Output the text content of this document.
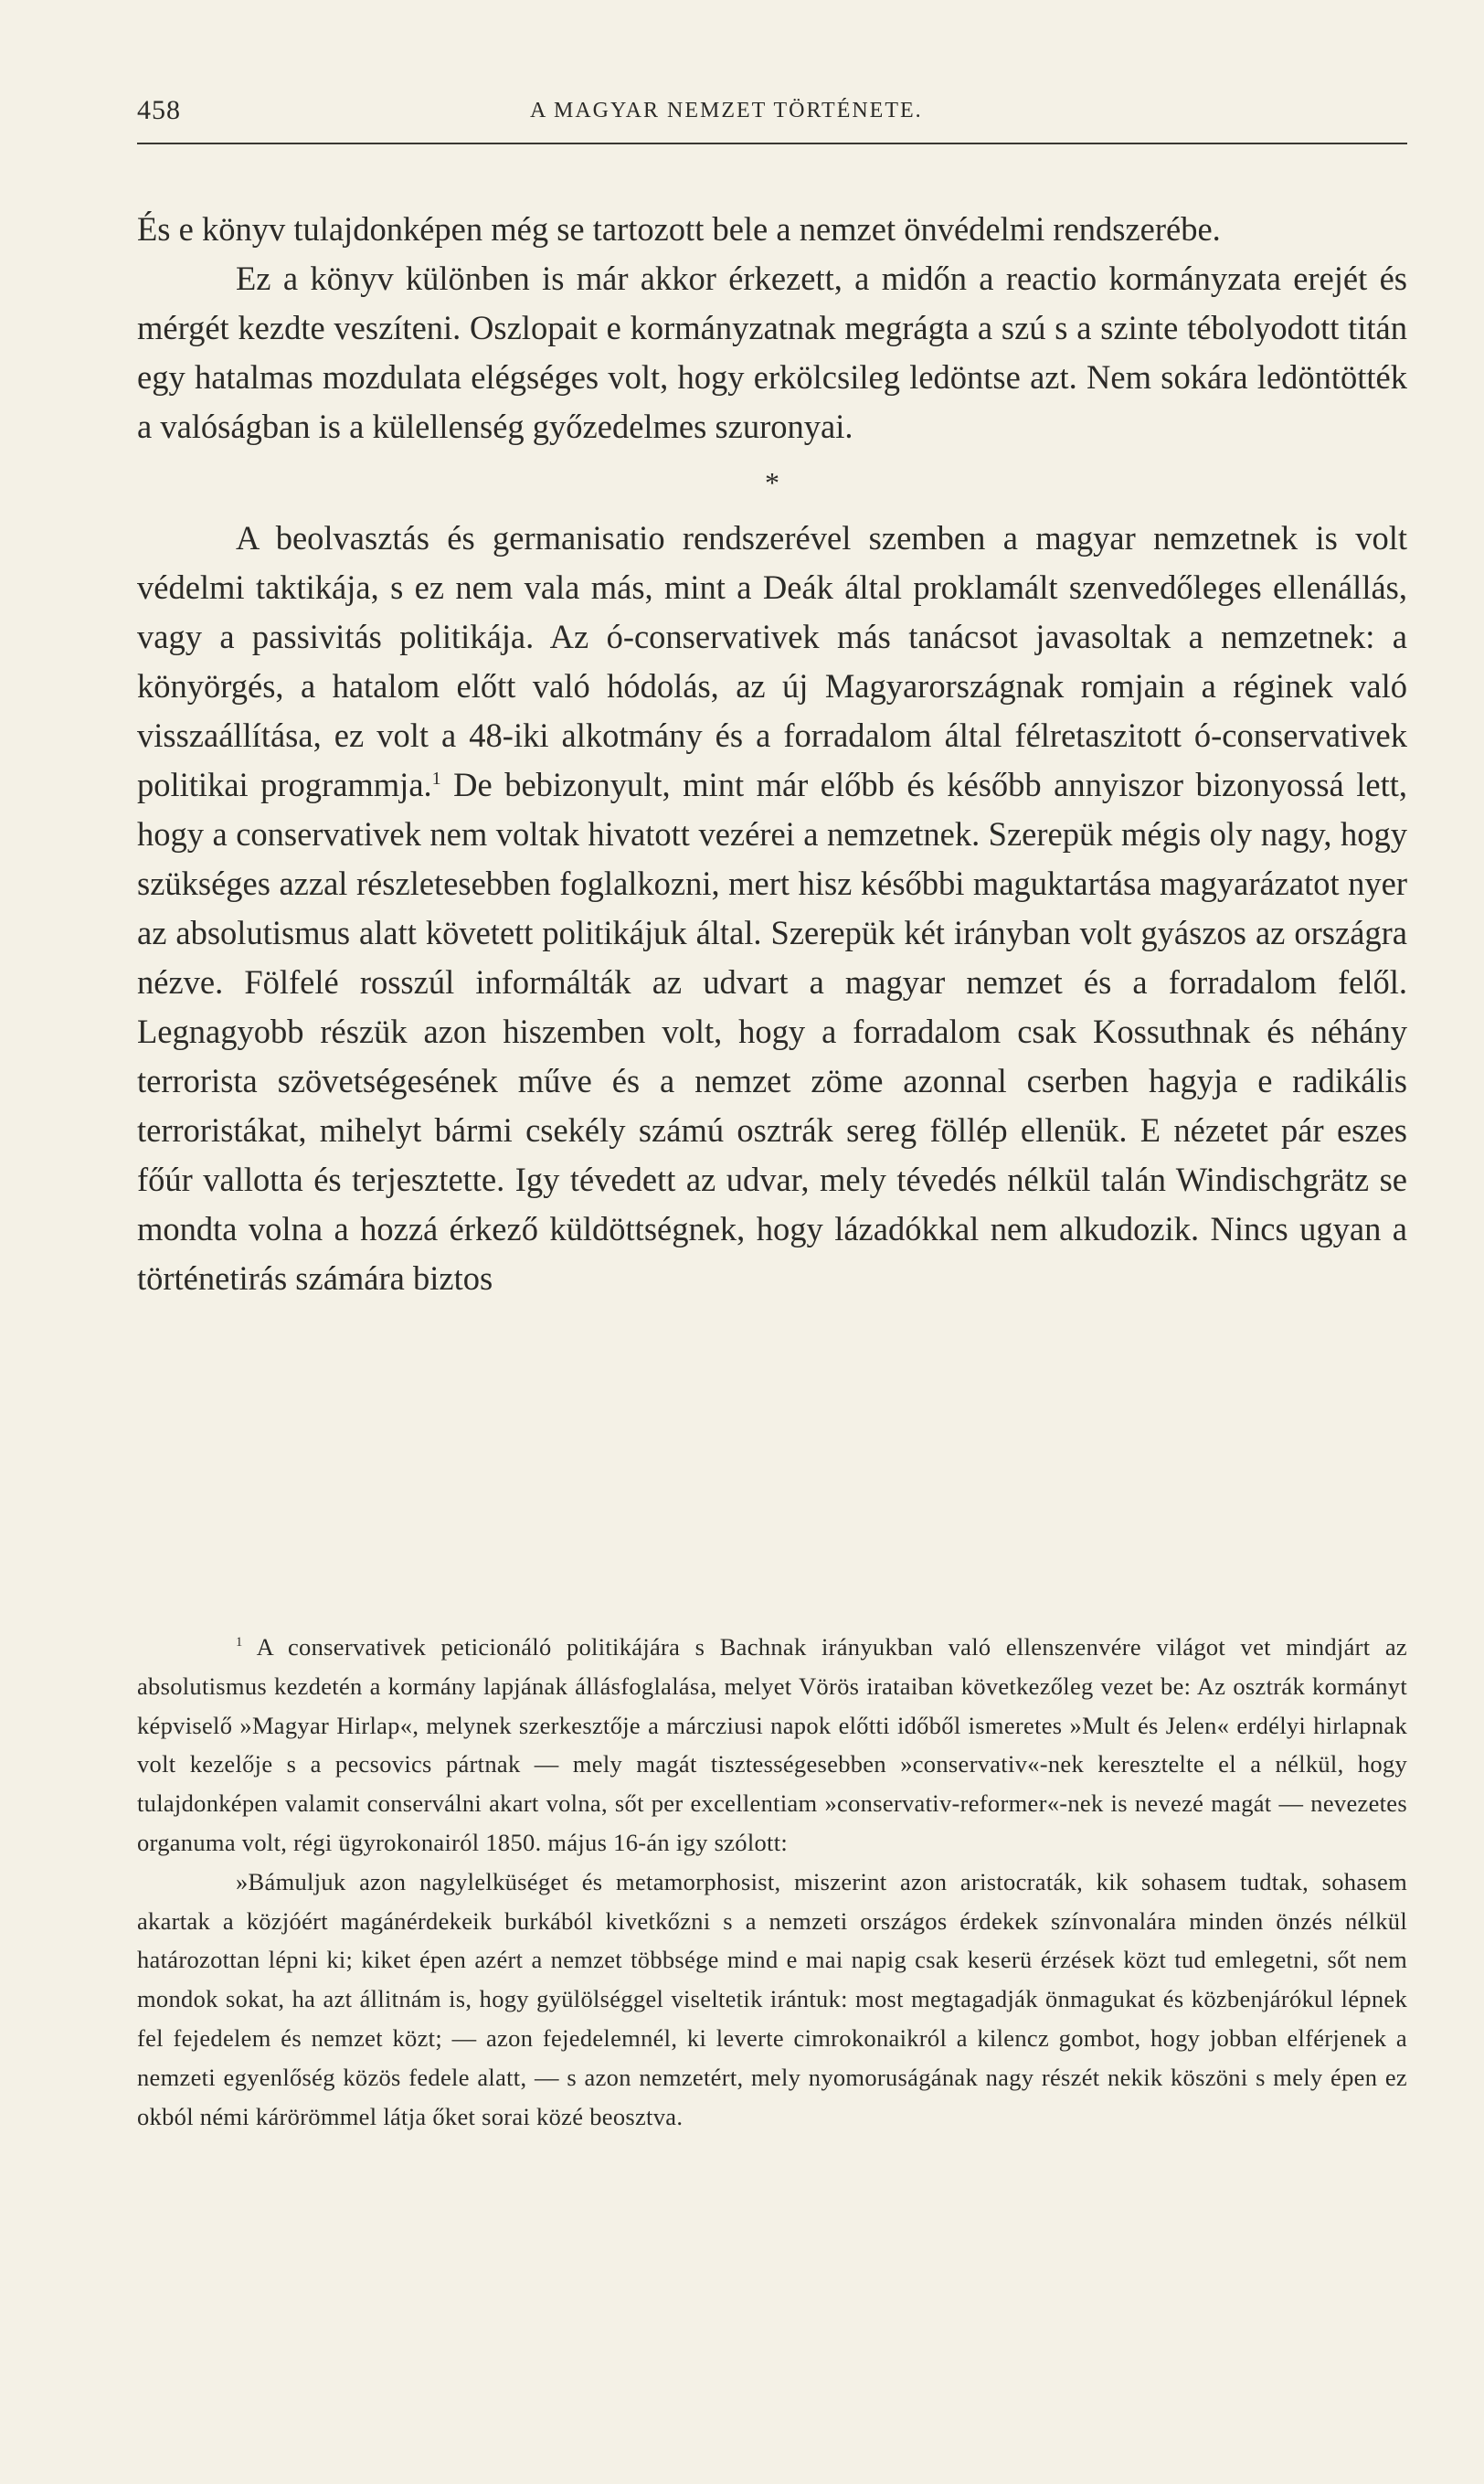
458	A MAGYAR NEMZET TÖRTÉNETE.

És e könyv tulajdonképen még se tartozott bele a nemzet önvédelmi rendszerébe.

Ez a könyv különben is már akkor érkezett, a midőn a reactio kormányzata erejét és mérgét kezdte veszíteni. Oszlopait e kormányzatnak megrágta a szú s a szinte tébolyodott titán egy hatalmas mozdulata elégséges volt, hogy erkölcsileg ledöntse azt. Nem sokára ledöntötték a valóságban is a külellenség győzedelmes szuronyai.

*

A beolvasztás és germanisatio rendszerével szemben a magyar nemzetnek is volt védelmi taktikája, s ez nem vala más, mint a Deák által proklamált szenvedőleges ellenállás, vagy a passivitás politikája. Az ó-conservativek más tanácsot javasoltak a nemzetnek: a könyörgés, a hatalom előtt való hódolás, az új Magyarországnak romjain a réginek való visszaállítása, ez volt a 48-iki alkotmány és a forradalom által félretaszitott ó-conservativek politikai programmja.$^1$ De bebizonyult, mint már előbb és később annyiszor bizonyossá lett, hogy a conservativek nem voltak hivatott vezérei a nemzetnek. Szerepük mégis oly nagy, hogy szükséges azzal részletesebben foglalkozni, mert hisz későbbi maguktartása magyarázatot nyer az absolutismus alatt követett politikájuk által. Szerepük két irányban volt gyászos az országra nézve. Fölfelé rosszúl informálták az udvart a magyar nemzet és a forradalom felől. Legnagyobb részük azon hiszemben volt, hogy a forradalom csak Kossuthnak és néhány terrorista szövetségesének műve és a nemzet zöme azonnal cserben hagyja e radikális terroristákat, mihelyt bármi csekély számú osztrák sereg föllép ellenük. E nézetet pár eszes főúr vallotta és terjesztette. Igy tévedett az udvar, mely tévedés nélkül talán Windischgrätz se mondta volna a hozzá érkező küldöttségnek, hogy lázadókkal nem alkudozik. Nincs ugyan a történetirás számára biztos

$^1$ A conservativek peticionáló politikájára s Bachnak irányukban való ellenszenvére világot vet mindjárt az absolutismus kezdetén a kormány lapjának állásfoglalása, melyet Vörös irataiban következőleg vezet be: Az osztrák kormányt képviselő »Magyar Hirlap«, melynek szerkesztője a márcziusi napok előtti időből ismeretes »Mult és Jelen« erdélyi hirlapnak volt kezelője s a pecsovics pártnak — mely magát tisztességesebben »conservativ«-nek keresztelte el a nélkül, hogy tulajdonképen valamit conserválni akart volna, sőt per excellentiam »conservativ-reformer«-nek is nevezé magát — nevezetes organuma volt, régi ügyrokonairól 1850. május 16-án igy szólott:

»Bámuljuk azon nagylelküséget és metamorphosist, miszerint azon aristocraták, kik sohasem tudtak, sohasem akartak a közjóért magánérdekeik burkából kivetkőzni s a nemzeti országos érdekek színvonalára minden önzés nélkül határozottan lépni ki; kiket épen azért a nemzet többsége mind e mai napig csak keserü érzések közt tud emlegetni, sőt nem mondok sokat, ha azt állitnám is, hogy gyülölséggel viseltetik irántuk: most megtagadják önmagukat és közbenjárókul lépnek fel fejedelem és nemzet közt; — azon fejedelemnél, ki leverte cimrokonaikról a kilencz gombot, hogy jobban elférjenek a nemzeti egyenlőség közös fedele alatt, — s azon nemzetért, mely nyomoruságának nagy részét nekik köszöni s mely épen ez okból némi kárörömmel látja őket sorai közé beosztva.
